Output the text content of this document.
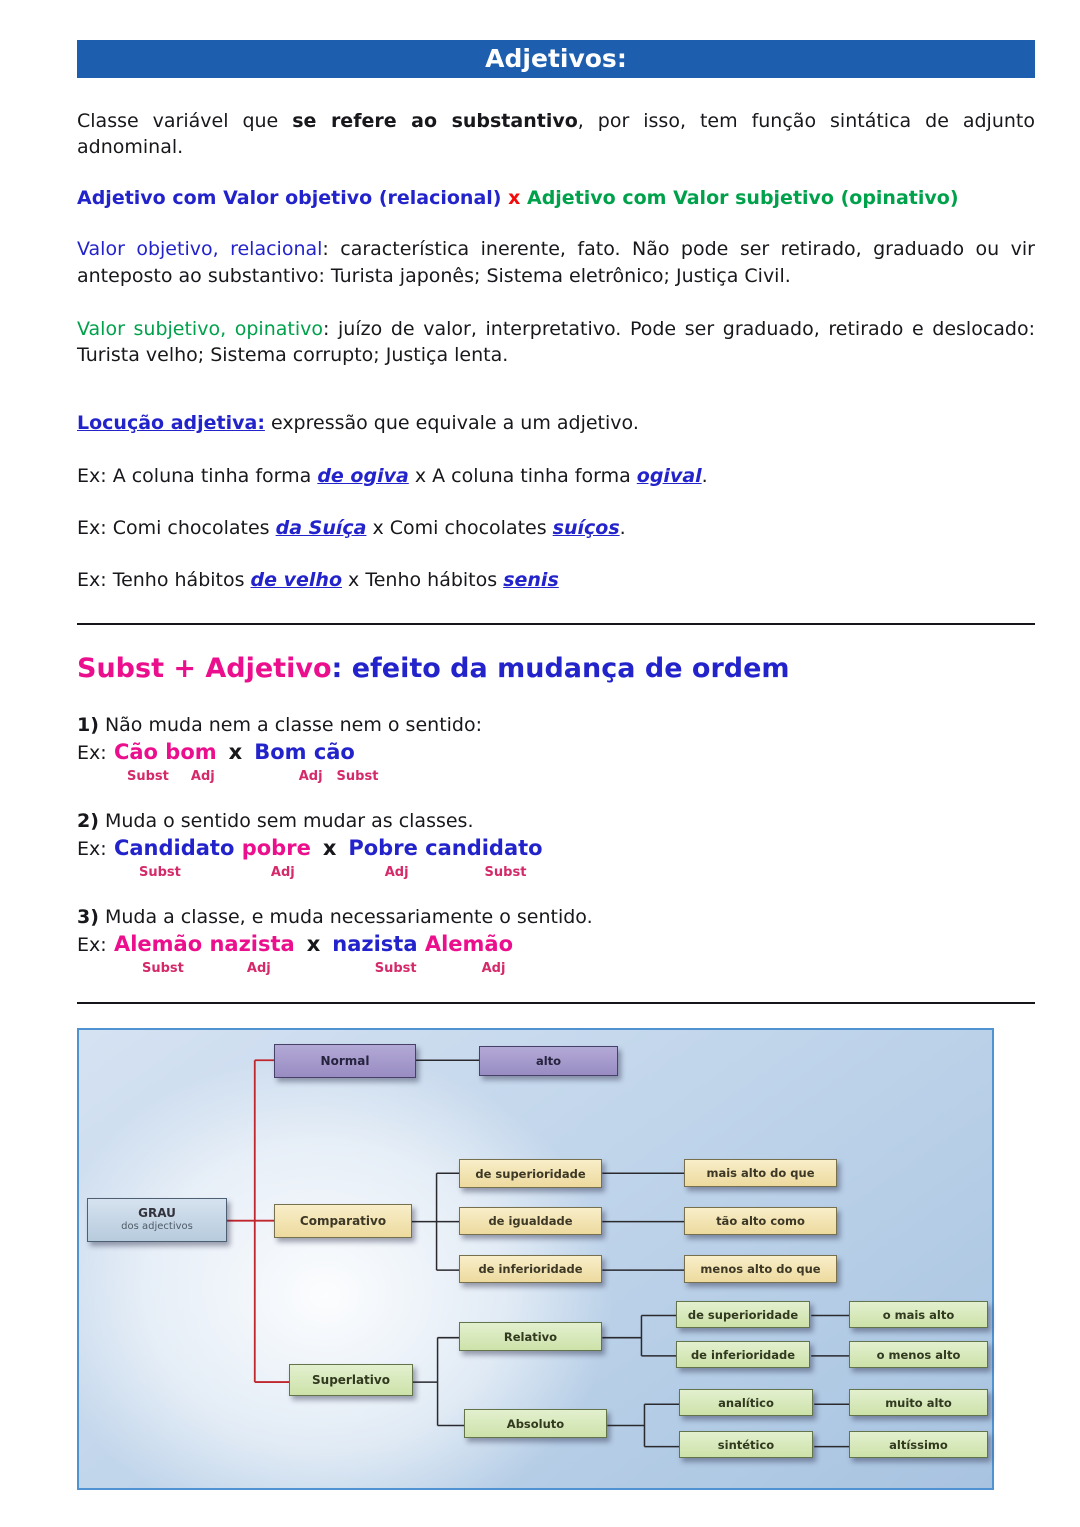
Adjetivos:

Classe variável que se refere ao substantivo, por isso, tem função sintática de adjunto adnominal.

Adjetivo com Valor objetivo (relacional) x Adjetivo com Valor subjetivo (opinativo)

Valor objetivo, relacional: característica inerente, fato. Não pode ser retirado, graduado ou vir anteposto ao substantivo: Turista japonês; Sistema eletrônico; Justiça Civil.

Valor subjetivo, opinativo: juízo de valor, interpretativo. Pode ser graduado, retirado e deslocado: Turista velho; Sistema corrupto; Justiça lenta.

Locução adjetiva: expressão que equivale a um adjetivo.

Ex: A coluna tinha forma de ogiva x A coluna tinha forma ogival.

Ex: Comi chocolates da Suíça x Comi chocolates suíços.

Ex: Tenho hábitos de velho x Tenho hábitos senis

Subst + Adjetivo: efeito da mudança de ordem

1) Não muda nem a classe nem o sentido:

Ex: Cão bom x Bom cão

Subst Adj	Adj Subst

2) Muda o sentido sem mudar as classes.

Ex: Candidato pobre x Pobre candidato

Subst	Adj	Adj	Subst

3) Muda a classe, e muda necessariamente o sentido.

Ex: Alemão nazista x nazista Alemão

Subst	Adj	Subst	Adj

GRAU
dos adjectivos
Normal	alto
Comparativo
de superioridade
de igualdade
de inferioridade
mais alto do que
tão alto como
menos alto do que
Superlativo
Relativo
Absoluto
de superioridade
de inferioridade
o mais alto
o menos alto
analítico
sintético
muito alto
altíssimo
